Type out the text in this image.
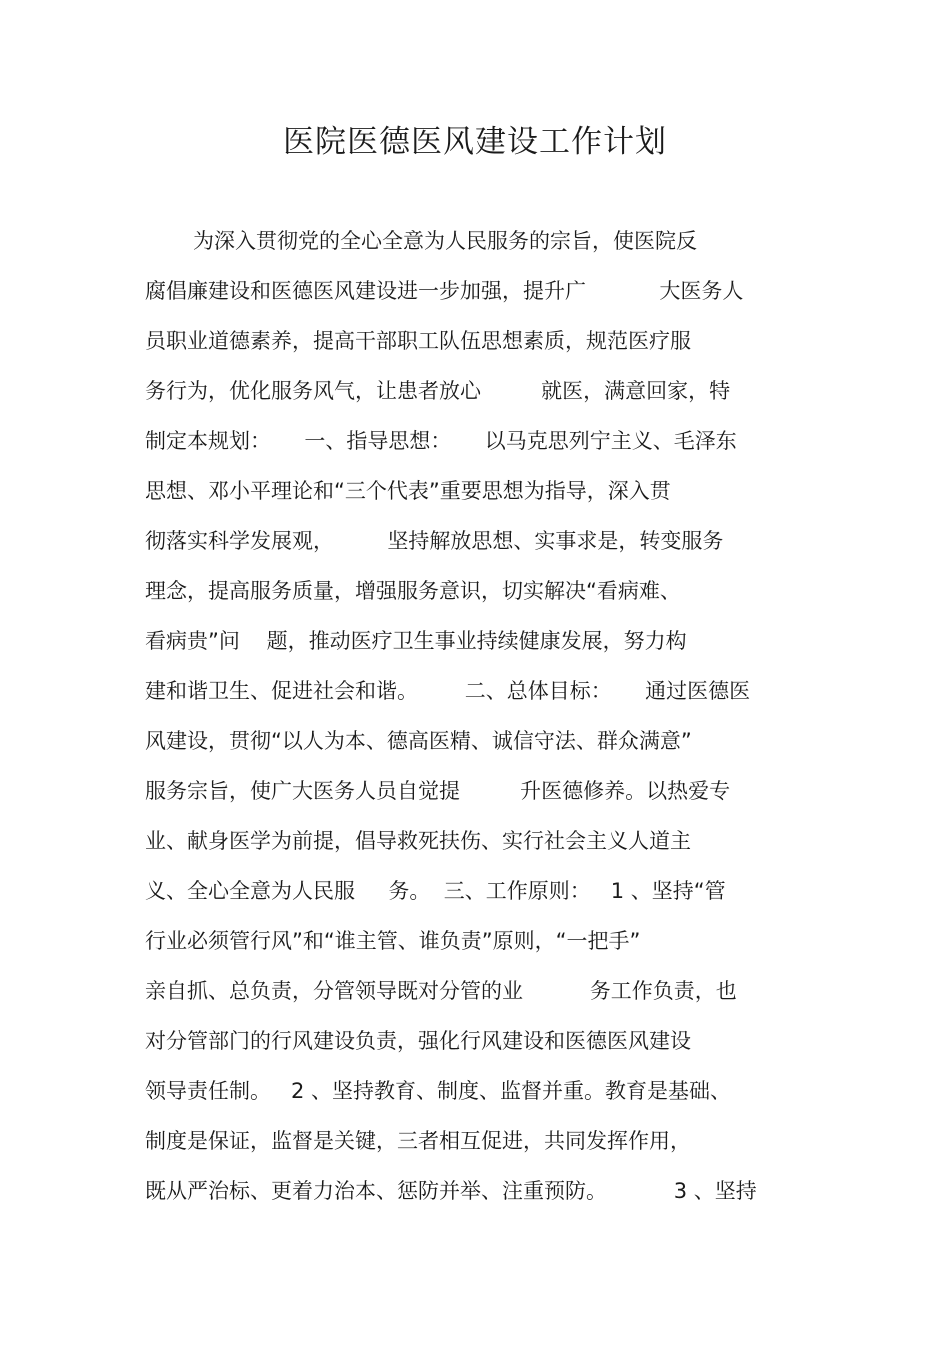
医院医德医风建设工作计划
为深入贯彻党的全心全意为人民服务的宗旨，使医院反
腐倡廉建设和医德医风建设进一步加强，提升广           大医务人
员职业道德素养，提高干部职工队伍思想素质，规范医疗服
务行为，优化服务风气，让患者放心         就医，满意回家，特
制定本规划：     一、指导思想：     以马克思列宁主义、毛泽东
思想、邓小平理论和“三个代表”重要思想为指导，深入贯
彻落实科学发展观，        坚持解放思想、实事求是，转变服务
理念，提高服务质量，增强服务意识，切实解决“看病难、
看病贵”问    题，推动医疗卫生事业持续健康发展，努力构
建和谐卫生、促进社会和谐。       二、总体目标：     通过医德医
风建设，贯彻“以人为本、德高医精、诚信守法、群众满意”
服务宗旨，使广大医务人员自觉提         升医德修养。以热爱专
业、献身医学为前提，倡导救死扶伤、实行社会主义人道主
义、全心全意为人民服     务。  三、工作原则：   1 、坚持“管
行业必须管行风”和“谁主管、谁负责”原则，“一把手”
亲自抓、总负责，分管领导既对分管的业          务工作负责，也
对分管部门的行风建设负责，强化行风建设和医德医风建设
领导责任制。   2 、坚持教育、制度、监督并重。教育是基础、
制度是保证，监督是关键，三者相互促进，共同发挥作用，
既从严治标、更着力治本、惩防并举、注重预防。          3 、坚持
